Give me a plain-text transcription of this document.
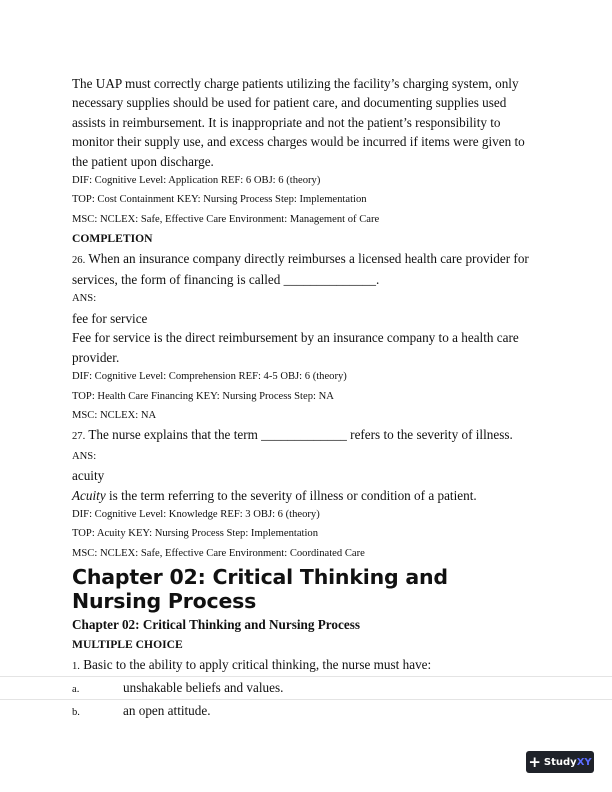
The UAP must correctly charge patients utilizing the facility’s charging system, only necessary supplies should be used for patient care, and documenting supplies used assists in reimbursement. It is inappropriate and not the patient’s responsibility to monitor their supply use, and excess charges would be incurred if items were given to the patient upon discharge.

DIF: Cognitive Level: Application REF: 6 OBJ: 6 (theory)

TOP: Cost Containment KEY: Nursing Process Step: Implementation

MSC: NCLEX: Safe, Effective Care Environment: Management of Care

COMPLETION

26. When an insurance company directly reimburses a licensed health care provider for services, the form of financing is called ______________.

ANS:

fee for service

Fee for service is the direct reimbursement by an insurance company to a health care provider.

DIF: Cognitive Level: Comprehension REF: 4-5 OBJ: 6 (theory)

TOP: Health Care Financing KEY: Nursing Process Step: NA

MSC: NCLEX: NA

27. The nurse explains that the term _____________ refers to the severity of illness.

ANS:

acuity

Acuity is the term referring to the severity of illness or condition of a patient.

DIF: Cognitive Level: Knowledge REF: 3 OBJ: 6 (theory)

TOP: Acuity KEY: Nursing Process Step: Implementation

MSC: NCLEX: Safe, Effective Care Environment: Coordinated Care

Chapter 02: Critical Thinking and Nursing Process
Chapter 02: Critical Thinking and Nursing Process

MULTIPLE CHOICE

1. Basic to the ability to apply critical thinking, the nurse must have:

a.	unshakable beliefs and values.
b.	an open attitude.
+ Study XY
